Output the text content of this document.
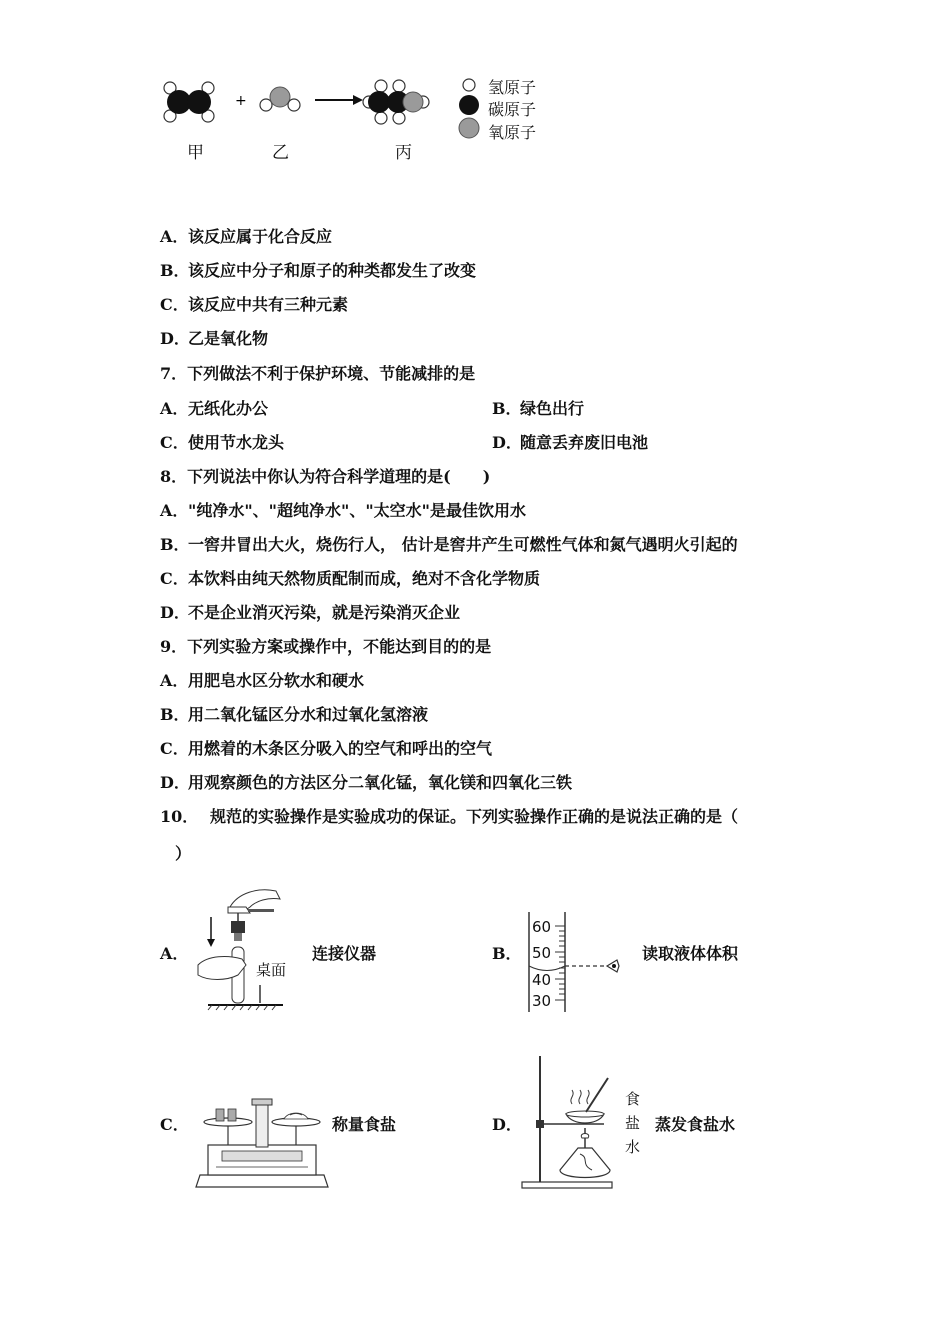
+
氢原子
碳原子
氧原子
甲	乙	丙
A．该反应属于化合反应
B．该反应中分子和原子的种类都发生了改变
C．该反应中共有三种元素
D．乙是氧化物
7．下列做法不利于保护环境、节能减排的是
A．无纸化办公	B．绿色出行
C．使用节水龙头	D．随意丢弃废旧电池
8．下列说法中你认为符合科学道理的是(　　)
A．"纯净水"、"超纯净水"、"太空水"是最佳饮用水
B．一窖井冒出大火，烧伤行人， 估计是窖井产生可燃性气体和氮气遇明火引起的
C．本饮料由纯天然物质配制而成，绝对不含化学物质
D．不是企业消灭污染，就是污染消灭企业
9．下列实验方案或操作中，不能达到目的的是
A．用肥皂水区分软水和硬水
B．用二氧化锰区分水和过氧化氢溶液
C．用燃着的木条区分吸入的空气和呼出的空气
D．用观察颜色的方法区分二氧化锰，氧化镁和四氧化三铁
10． 规范的实验操作是实验成功的保证。下列实验操作正确的是说法正确的是（
）
A．
桌面
连接仪器	B．
60
50
40
30
读取液体体积
C．	称量食盐	D．
食
盐
水
蒸发食盐水
